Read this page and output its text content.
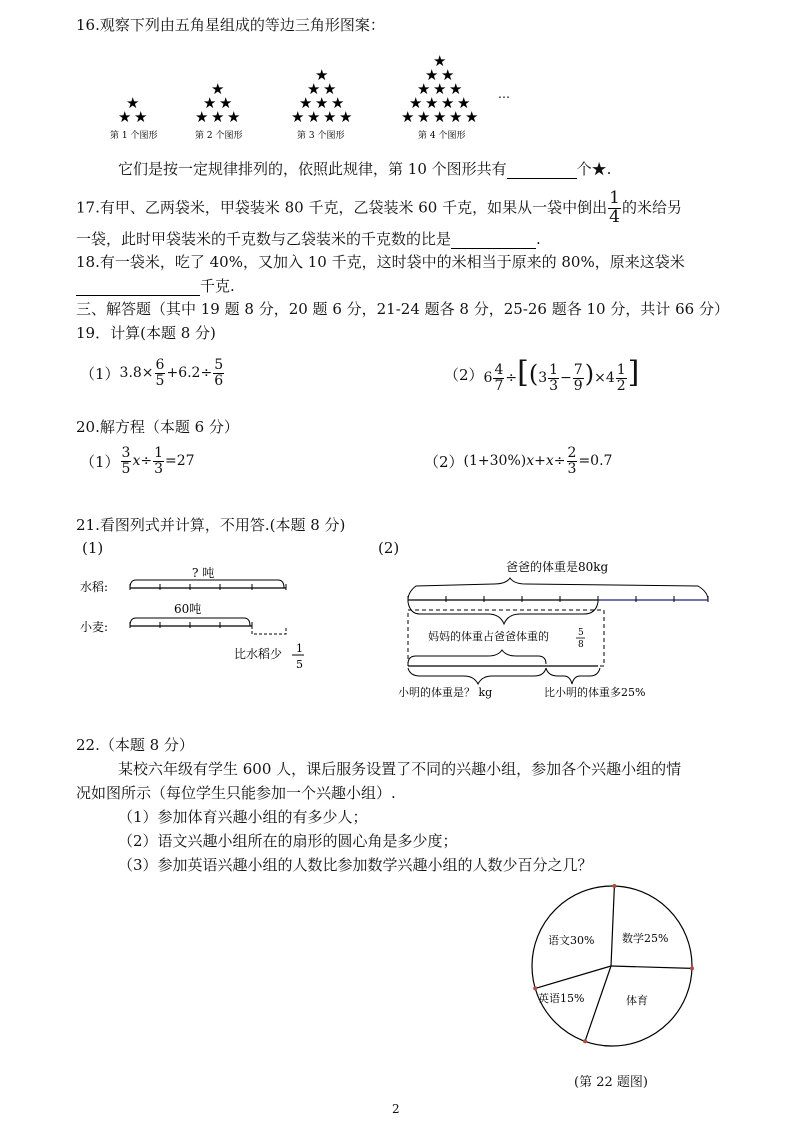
16.观察下列由五角星组成的等边三角形图案：
★
★ ★
★
★ ★
★ ★ ★
★
★ ★
★ ★ ★
★ ★ ★ ★
★
★ ★
★ ★ ★
★ ★ ★ ★
★ ★ ★ ★ ★
第 1 个图形	第 2 个图形	第 3 个图形	第 4 个图形
…
它们是按一定规律排列的，依照此规律，第 10 个图形共有	个★.
17.有甲、乙两袋米，甲袋装米 80 千克，乙袋装米 60 千克，如果从一袋中倒出 $\frac{1}{4}$ 的米给另
一袋，此时甲袋装米的千克数与乙袋装米的千克数的比是	.
18.有一袋米，吃了 40%，又加入 10 千克，这时袋中的米相当于原来的 80%，原来这袋米
千克.
三、解答题（其中 19 题 8 分，20 题 6 分，21-24 题各 8 分，25-26 题各 10 分，共计 66 分）
19．计算(本题 8 分)
（1） $3.8\times \frac{6}{5} +6.2\div \frac{5}{6}$	（2） $6 \frac{4}{7} \div[(3 \frac{1}{3} - \frac{7}{9} )\times 4 \frac{1}{2}$ ]
20.解方程（本题 6 分）
$(1) \frac{3}{5} x\div \frac{1}{3} =27$	（2） $(1+30\%)x+x\div \frac{2}{3} =0.7$
21.看图列式并计算，不用答.(本题 8 分)
(1)	(2)
水稻:
? 吨
小麦:
60吨
比水稻少 1
5
爸爸的体重是80kg
妈妈的体重占爸爸体重的	5
8
小明的体重是？ kg	比小明的体重多25%
22.（本题 8 分）
某校六年级有学生 600 人，课后服务设置了不同的兴趣小组，参加各个兴趣小组的情
况如图所示（每位学生只能参加一个兴趣小组）.
（1）参加体育兴趣小组的有多少人；
（2）语文兴趣小组所在的扇形的圆心角是多少度；
（3）参加英语兴趣小组的人数比参加数学兴趣小组的人数少百分之几？
数学25%
体育
英语15%
语文30%
(第 22 题图)
2
